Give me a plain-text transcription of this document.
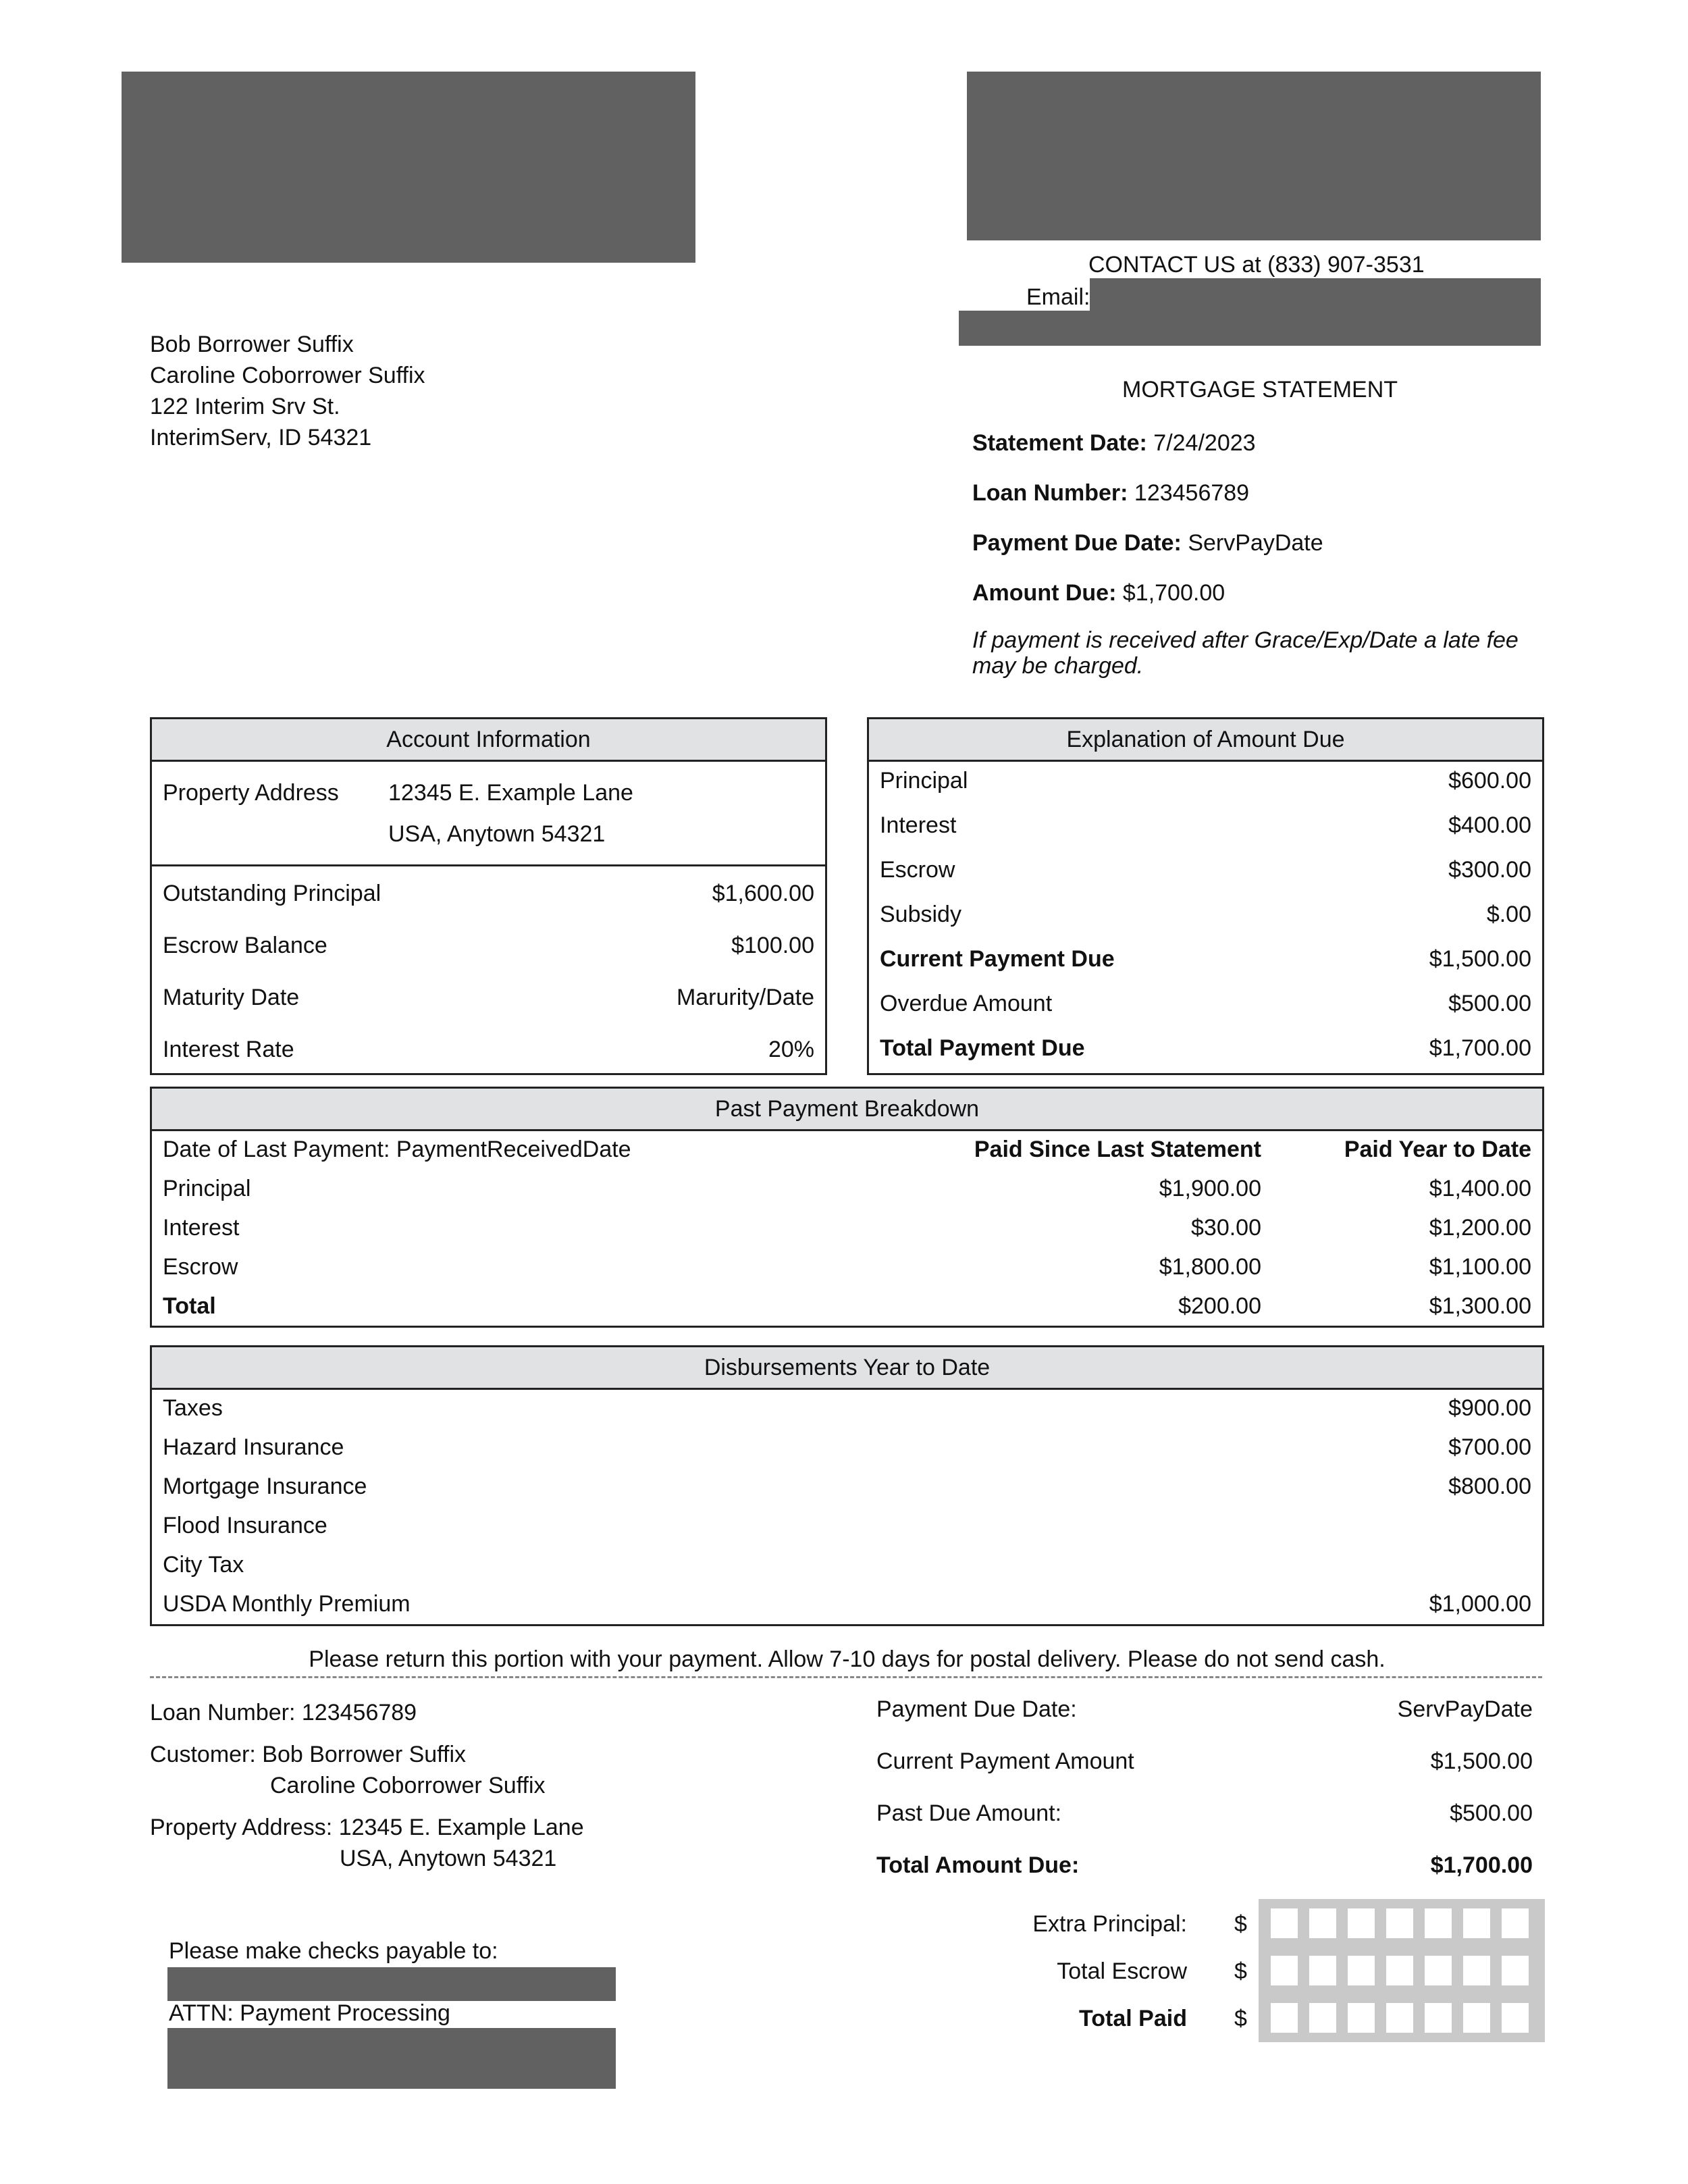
CONTACT US at (833) 907-3531
Email:
Bob Borrower Suffix
Caroline Coborrower Suffix
122 Interim Srv St.
InterimServ, ID 54321
MORTGAGE STATEMENT
Statement Date: 7/24/2023
Loan Number: 123456789
Payment Due Date: ServPayDate
Amount Due: $1,700.00
If payment is received after Grace/Exp/Date a late fee
may be charged.
Account Information
Property Address 12345 E. Example Lane
USA, Anytown 54321
Outstanding Principal	$1,600.00
Escrow Balance	$100.00
Maturity Date	Marurity/Date
Interest Rate	20%
Explanation of Amount Due
Principal	$600.00
Interest	$400.00
Escrow	$300.00
Subsidy	$.00
Current Payment Due	$1,500.00
Overdue Amount	$500.00
Total Payment Due	$1,700.00
Past Payment Breakdown
Date of Last Payment: PaymentReceivedDate	Paid Since Last Statement	Paid Year to Date
Principal	$1,900.00	$1,400.00
Interest	$30.00	$1,200.00
Escrow	$1,800.00	$1,100.00
Total	$200.00	$1,300.00
Disbursements Year to Date
Taxes	$900.00
Hazard Insurance	$700.00
Mortgage Insurance	$800.00
Flood Insurance
City Tax
USDA Monthly Premium	$1,000.00
Please return this portion with your payment. Allow 7-10 days for postal delivery. Please do not send cash.
Loan Number: 123456789
Customer: Bob Borrower Suffix
Caroline Coborrower Suffix
Property Address: 12345 E. Example Lane
USA, Anytown 54321
Please make checks payable to:
ATTN: Payment Processing
Payment Due Date:	ServPayDate
Current Payment Amount	$1,500.00
Past Due Amount:	$500.00
Total Amount Due:	$1,700.00
Extra Principal: $
Total Escrow $
Total Paid $
